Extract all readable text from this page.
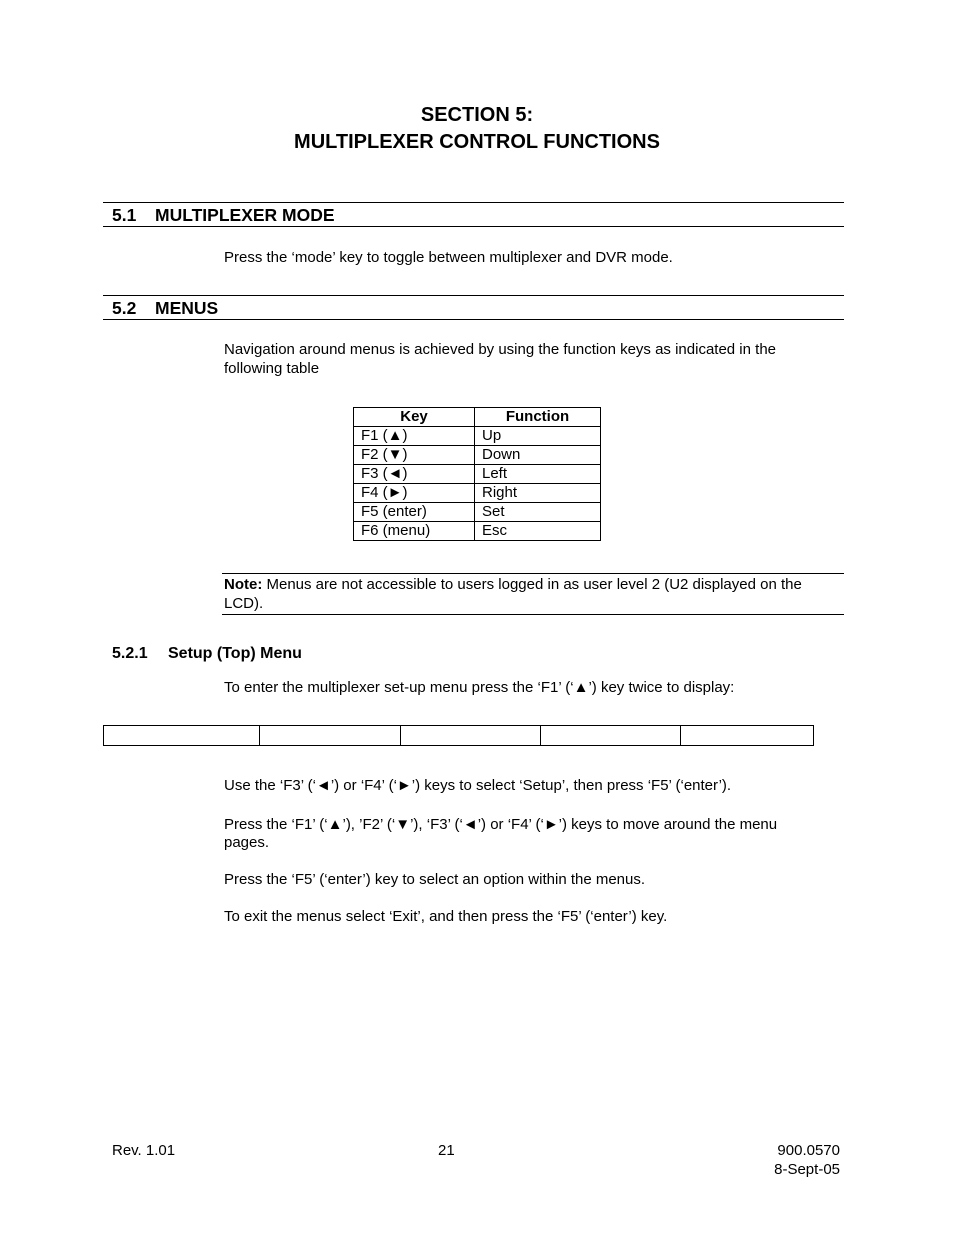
SECTION 5:
MULTIPLEXER CONTROL FUNCTIONS
5.1 MULTIPLEXER MODE
Press the ‘mode’ key to toggle between multiplexer and DVR mode.
5.2 MENUS
Navigation around menus is achieved by using the function keys as indicated in the
following table
Key	Function
F1 (▲)	Up
F2 (▼)	Down
F3 (◄)	Left
F4 (►)	Right
F5 (enter)	Set
F6 (menu)	Esc
Note: Menus are not accessible to users logged in as user level 2 (U2 displayed on the LCD).
5.2.1 Setup (Top) Menu
To enter the multiplexer set-up menu press the ‘F1’ (‘▲’) key twice to display:

Use the ‘F3’ (‘◄’) or ‘F4’ (‘►’) keys to select ‘Setup’, then press ‘F5’ (‘enter’).
Press the ‘F1’ (‘▲’), ’F2’ (‘▼’), ‘F3’ (‘◄’) or ‘F4’ (‘►’) keys to move around the menu
pages.
Press the ‘F5’ (‘enter’) key to select an option within the menus.
To exit the menus select ‘Exit’, and then press the ‘F5’ (‘enter’) key.
Rev. 1.01	21	900.0570
8-Sept-05
